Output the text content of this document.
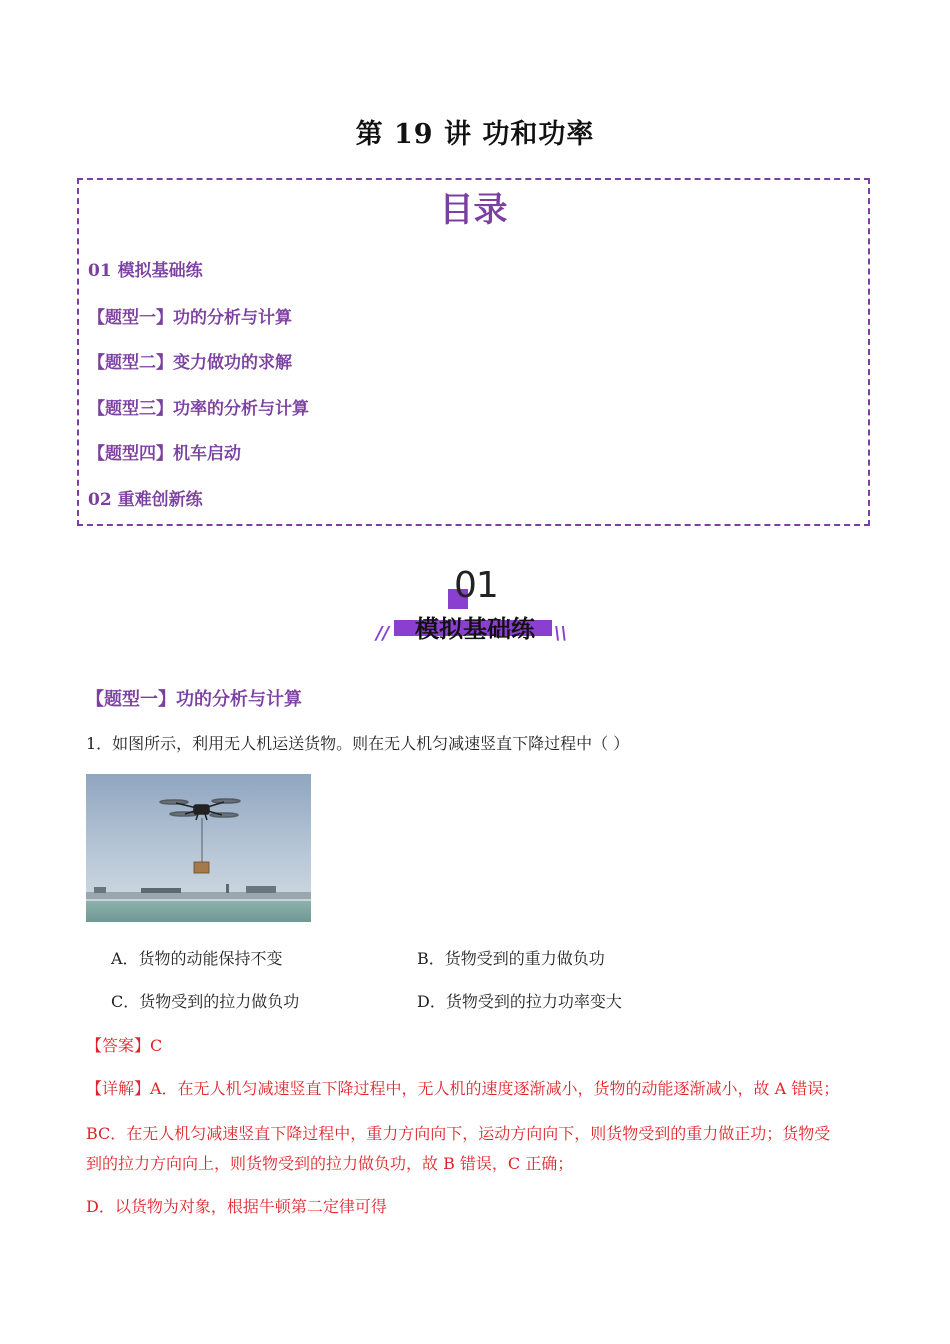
第 19 讲 功和功率
目录
01 模拟基础练
【题型一】功的分析与计算
【题型二】变力做功的求解
【题型三】功率的分析与计算
【题型四】机车启动
02 重难创新练
01
模拟基础练
//	\\
【题型一】功的分析与计算
1．如图所示，利用无人机运送货物。则在无人机匀减速竖直下降过程中（ ）
A．货物的动能保持不变	B．货物受到的重力做负功
C．货物受到的拉力做负功	D．货物受到的拉力功率变大
【答案】C
【详解】A．在无人机匀减速竖直下降过程中，无人机的速度逐渐减小，货物的动能逐渐减小，故 A 错误；
BC．在无人机匀减速竖直下降过程中，重力方向向下，运动方向向下，则货物受到的重力做正功；货物受
到的拉力方向向上，则货物受到的拉力做负功，故 B 错误，C 正确；
D．以货物为对象，根据牛顿第二定律可得
